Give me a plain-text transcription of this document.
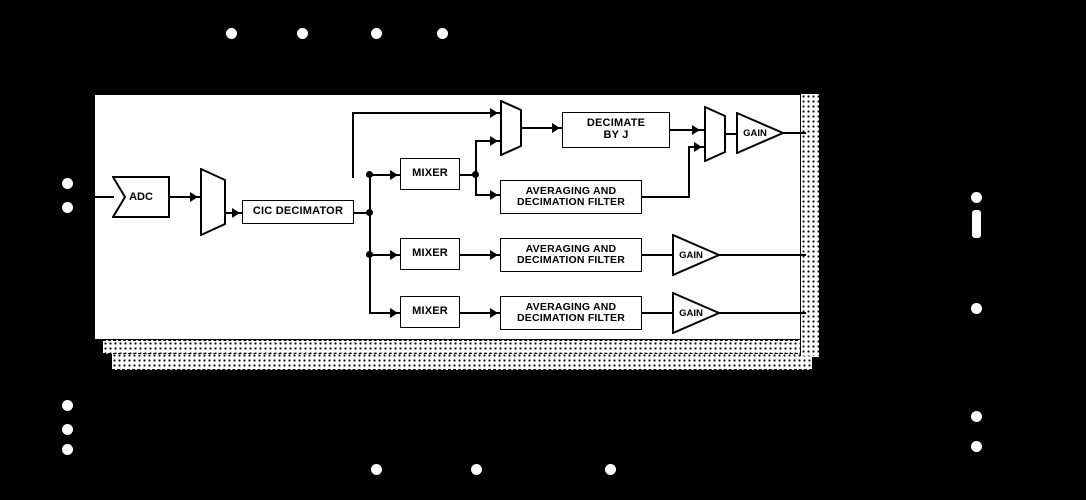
ADC
CIC DECIMATOR
MIXER
MIXER
MIXER
DECIMATE
BY J
AVERAGING AND
DECIMATION FILTER
GAIN
AVERAGING AND
DECIMATION FILTER	GAIN
AVERAGING AND
DECIMATION FILTER	GAIN
